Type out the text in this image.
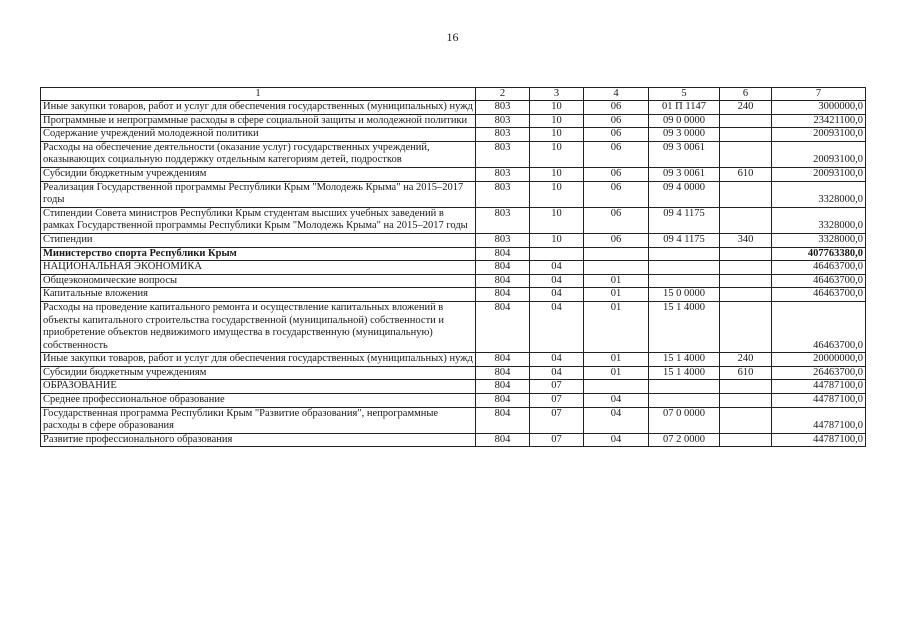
16
1	2	3	4	5	6	7
Иные закупки товаров, работ и услуг для обеспечения государственных (муниципальных) нужд	803	10	06	01 П 1147	240	3000000,0
Программные и непрограммные расходы в сфере социальной защиты и молодежной политики	803	10	06	09 0 0000		23421100,0
Содержание учреждений молодежной политики	803	10	06	09 3 0000		20093100,0
Расходы на обеспечение деятельности (оказание услуг) государственных учреждений, оказывающих социальную поддержку отдельным категориям детей, подростков	803	10	06	09 3 0061		20093100,0
Субсидии бюджетным учреждениям	803	10	06	09 3 0061	610	20093100,0
Реализация Государственной программы Республики Крым "Молодежь Крыма" на 2015–2017 годы	803	10	06	09 4 0000		3328000,0
Стипендии Совета министров Республики Крым студентам высших учебных заведений в рамках Государственной программы Республики Крым "Молодежь Крыма" на 2015–2017 годы	803	10	06	09 4 1175		3328000,0
Стипендии	803	10	06	09 4 1175	340	3328000,0
Министерство спорта Республики Крым	804					407763380,0
НАЦИОНАЛЬНАЯ ЭКОНОМИКА	804	04				46463700,0
Общеэкономические вопросы	804	04	01			46463700,0
Капитальные вложения	804	04	01	15 0 0000		46463700,0
Расходы на проведение капитального ремонта и осуществление капитальных вложений в объекты капитального строительства государственной (муниципальной) собственности и приобретение объектов недвижимого имущества в государственную (муниципальную) собственность	804	04	01	15 1 4000		46463700,0
Иные закупки товаров, работ и услуг для обеспечения государственных (муниципальных) нужд	804	04	01	15 1 4000	240	20000000,0
Субсидии бюджетным учреждениям	804	04	01	15 1 4000	610	26463700,0
ОБРАЗОВАНИЕ	804	07				44787100,0
Среднее профессиональное образование	804	07	04			44787100,0
Государственная программа Республики Крым "Развитие образования", непрограммные расходы в сфере образования	804	07	04	07 0 0000		44787100,0
Развитие профессионального образования	804	07	04	07 2 0000		44787100,0
